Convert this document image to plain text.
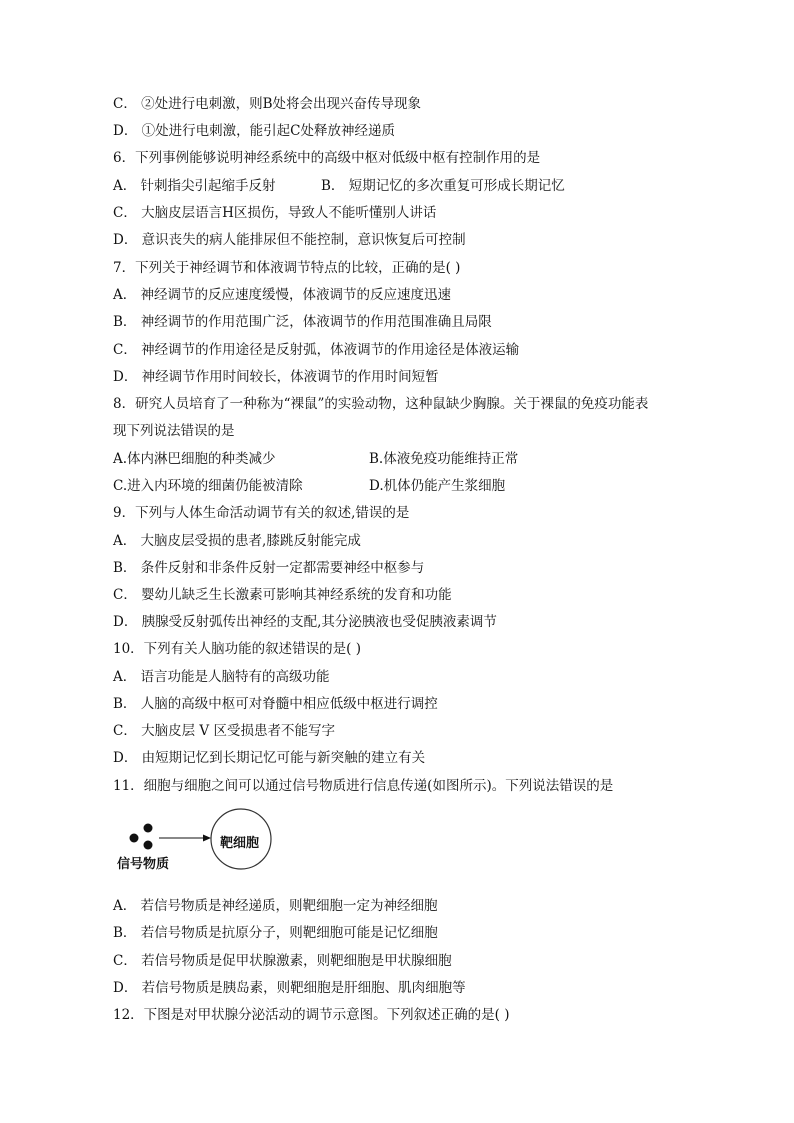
C． ②处进行电刺激，则B处将会出现兴奋传导现象
D． ①处进行电刺激，能引起C处释放神经递质
6．下列事例能够说明神经系统中的高级中枢对低级中枢有控制作用的是
A． 针刺指尖引起缩手反射	B． 短期记忆的多次重复可形成长期记忆
C． 大脑皮层语言H区损伤，导致人不能听懂别人讲话
D． 意识丧失的病人能排尿但不能控制，意识恢复后可控制
7．下列关于神经调节和体液调节特点的比较，正确的是( )
A． 神经调节的反应速度缓慢，体液调节的反应速度迅速
B． 神经调节的作用范围广泛，体液调节的作用范围准确且局限
C． 神经调节的作用途径是反射弧，体液调节的作用途径是体液运输
D． 神经调节作用时间较长，体液调节的作用时间短暂
8．研究人员培育了一种称为“裸鼠”的实验动物，这种鼠缺少胸腺。关于裸鼠的免疫功能表
现下列说法错误的是
A.体内淋巴细胞的种类减少	B.体液免疫功能维持正常
C.进入内环境的细菌仍能被清除	D.机体仍能产生浆细胞
9．下列与人体生命活动调节有关的叙述,错误的是
A． 大脑皮层受损的患者,膝跳反射能完成
B． 条件反射和非条件反射一定都需要神经中枢参与
C． 婴幼儿缺乏生长激素可影响其神经系统的发育和功能
D． 胰腺受反射弧传出神经的支配,其分泌胰液也受促胰液素调节
10．下列有关人脑功能的叙述错误的是( )
A． 语言功能是人脑特有的高级功能
B． 人脑的高级中枢可对脊髓中相应低级中枢进行调控
C． 大脑皮层 V 区受损患者不能写字
D． 由短期记忆到长期记忆可能与新突触的建立有关
11．细胞与细胞之间可以通过信号物质进行信息传递(如图所示)。下列说法错误的是
信号物质
靶细胞
A． 若信号物质是神经递质，则靶细胞一定为神经细胞
B． 若信号物质是抗原分子，则靶细胞可能是记忆细胞
C． 若信号物质是促甲状腺激素，则靶细胞是甲状腺细胞
D． 若信号物质是胰岛素，则靶细胞是肝细胞、肌肉细胞等
12．下图是对甲状腺分泌活动的调节示意图。下列叙述正确的是( )
